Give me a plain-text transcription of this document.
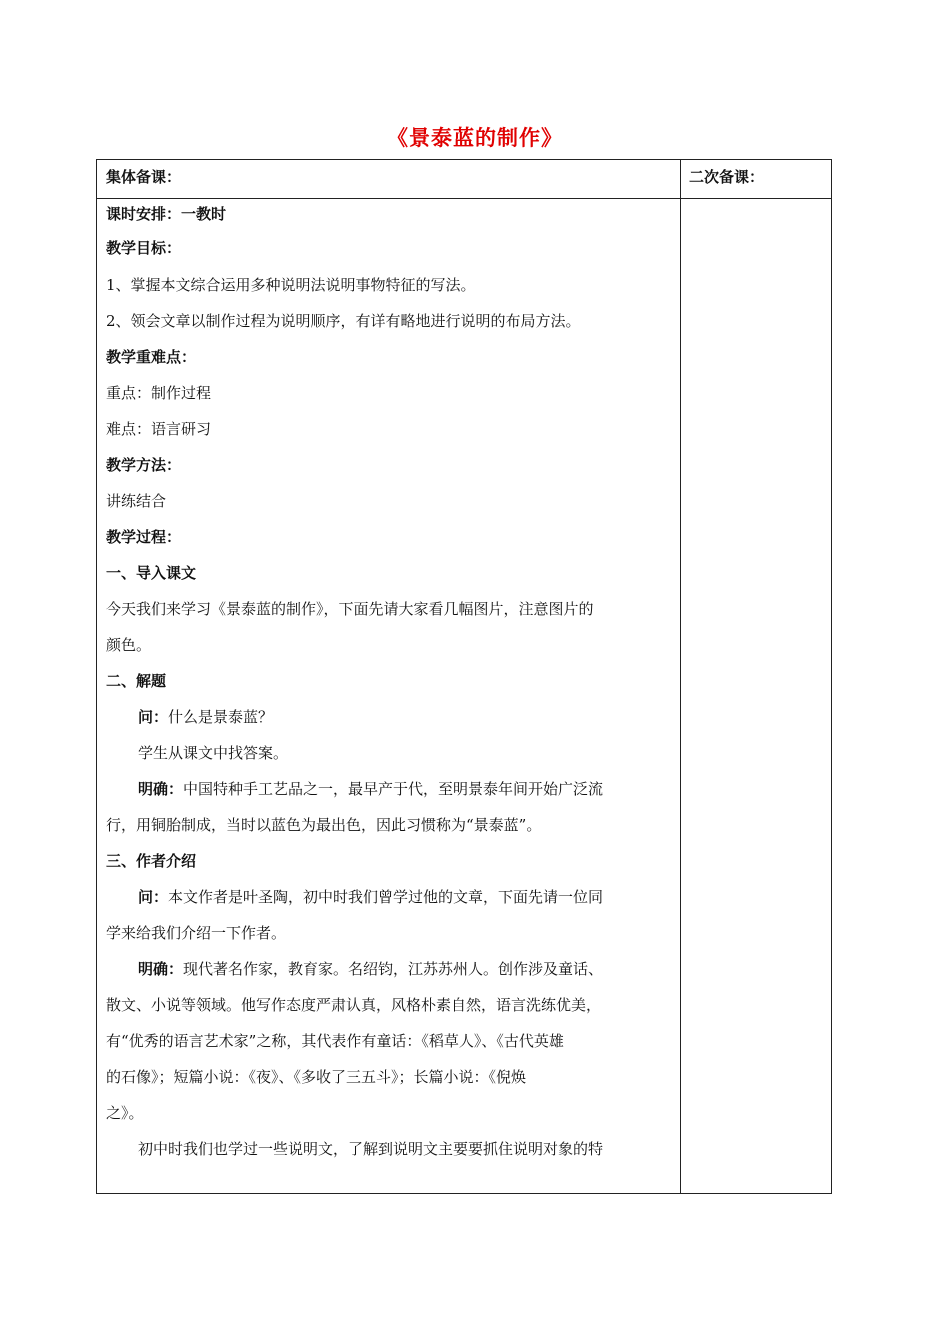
《景泰蓝的制作》
集体备课：	二次备课：
课时安排：一教时
教学目标：
1、掌握本文综合运用多种说明法说明事物特征的写法。
2、领会文章以制作过程为说明顺序，有详有略地进行说明的布局方法。
教学重难点：
重点：制作过程
难点：语言研习
教学方法：
讲练结合
教学过程：
一、导入课文
今天我们来学习《景泰蓝的制作》，下面先请大家看几幅图片，注意图片的
颜色。
二、解题
问：什么是景泰蓝？
学生从课文中找答案。
明确：中国特种手工艺品之一，最早产于代，至明景泰年间开始广泛流
行，用铜胎制成，当时以蓝色为最出色，因此习惯称为“景泰蓝”。
三、作者介绍
问：本文作者是叶圣陶，初中时我们曾学过他的文章，下面先请一位同
学来给我们介绍一下作者。
明确：现代著名作家，教育家。名绍钧，江苏苏州人。创作涉及童话、
散文、小说等领域。他写作态度严肃认真，风格朴素自然，语言洗练优美，
有“优秀的语言艺术家”之称，其代表作有童话：《稻草人》、《古代英雄
的石像》；短篇小说：《夜》、《多收了三五斗》；长篇小说：《倪焕
之》。
初中时我们也学过一些说明文，了解到说明文主要要抓住说明对象的特
